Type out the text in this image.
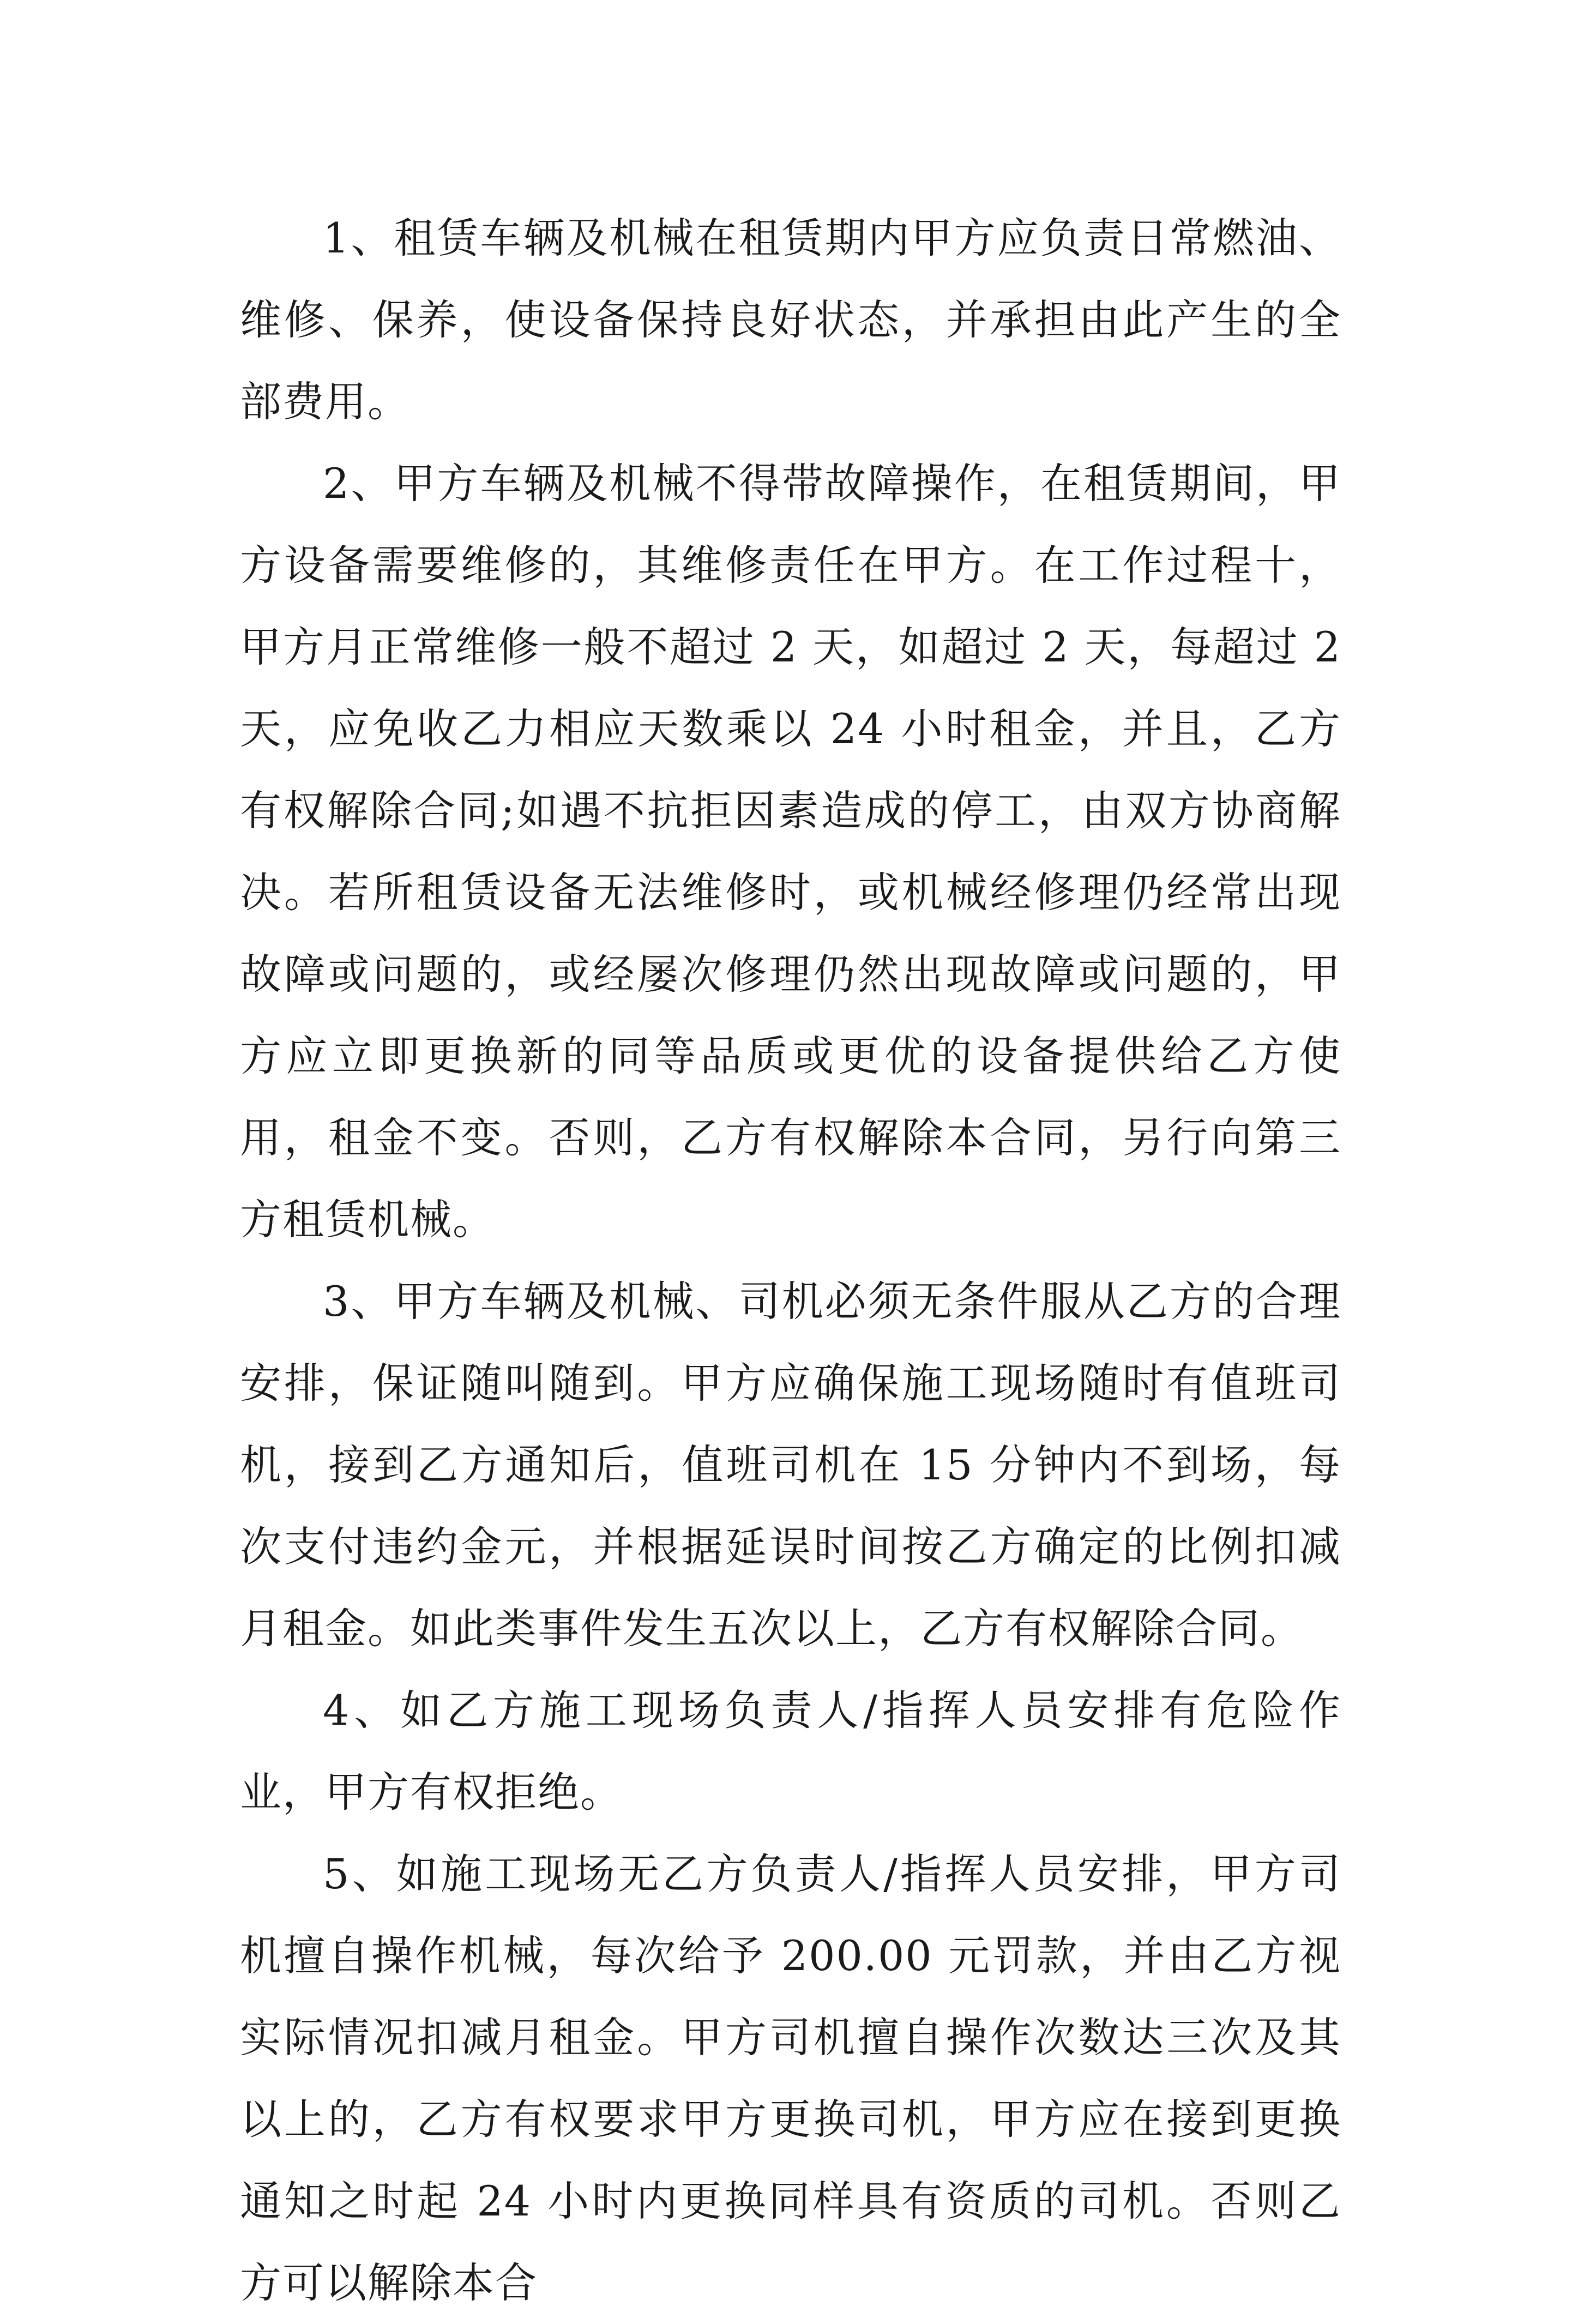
1、租赁车辆及机械在租赁期内甲方应负责日常燃油、维修、保养，使设备保持良好状态，并承担由此产生的全部费用。

2、甲方车辆及机械不得带故障操作，在租赁期间，甲方设备需要维修的，其维修责任在甲方。在工作过程十，甲方月正常维修一般不超过 2 天，如超过 2 天，每超过 2 天，应免收乙力相应天数乘以 24 小时租金，并且，乙方有权解除合同;如遇不抗拒因素造成的停工，由双方协商解决。若所租赁设备无法维修时，或机械经修理仍经常出现故障或问题的，或经屡次修理仍然出现故障或问题的，甲方应立即更换新的同等品质或更优的设备提供给乙方使用，租金不变。否则，乙方有权解除本合同，另行向第三方租赁机械。

3、甲方车辆及机械、司机必须无条件服从乙方的合理安排，保证随叫随到。甲方应确保施工现场随时有值班司机，接到乙方通知后，值班司机在 15 分钟内不到场，每次支付违约金元，并根据延误时间按乙方确定的比例扣减月租金。如此类事件发生五次以上，乙方有权解除合同。

4、如乙方施工现场负责人/指挥人员安排有危险作业，甲方有权拒绝。

5、如施工现场无乙方负责人/指挥人员安排，甲方司机擅自操作机械，每次给予 200.00 元罚款，并由乙方视实际情况扣减月租金。甲方司机擅自操作次数达三次及其以上的，乙方有权要求甲方更换司机，甲方应在接到更换通知之时起 24 小时内更换同样具有资质的司机。否则乙方可以解除本合
